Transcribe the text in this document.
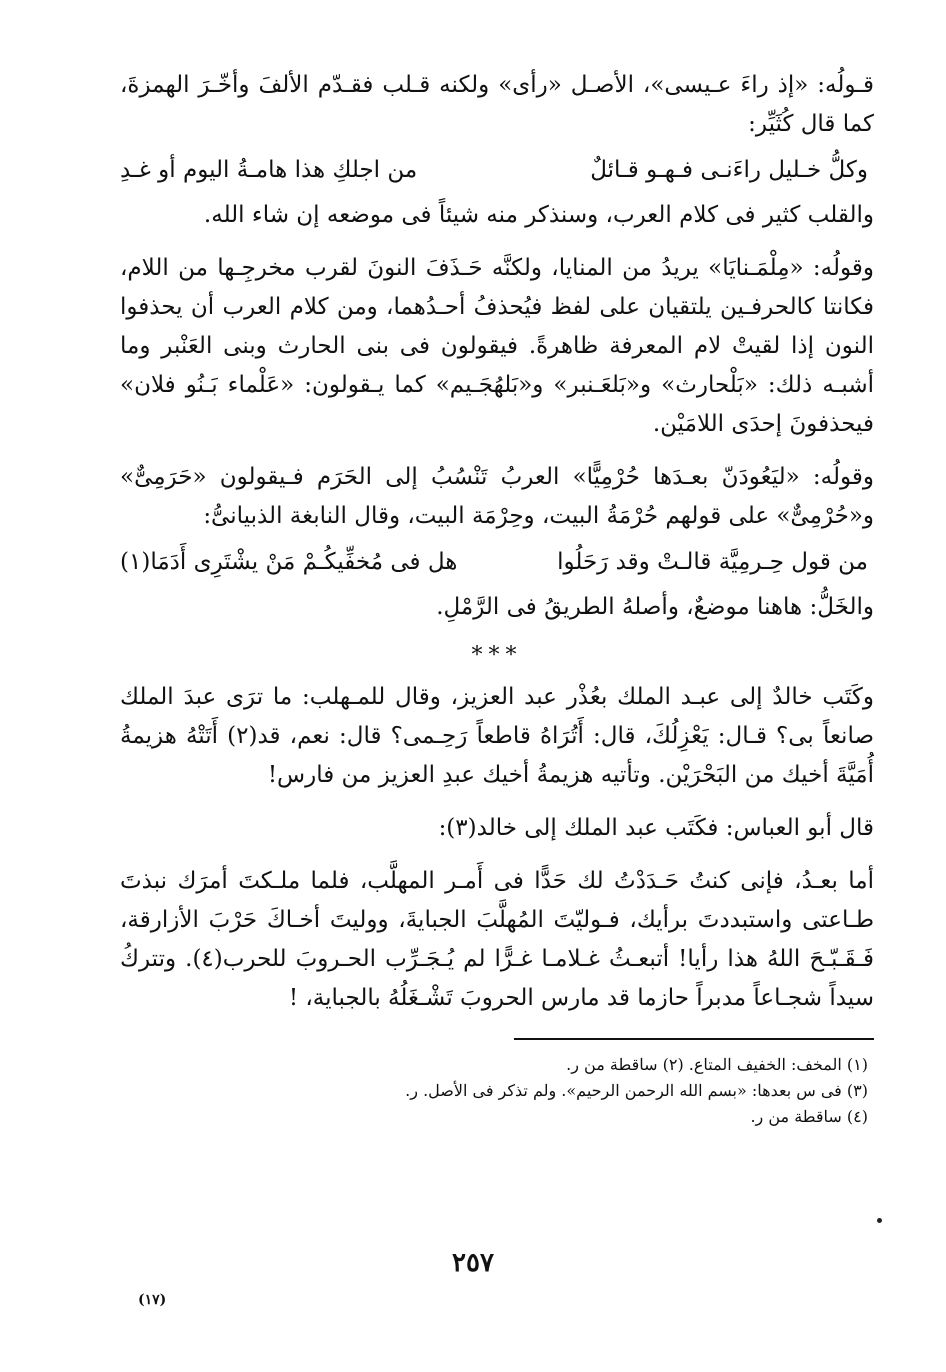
قـولُه: «إذ راءَ عـيسى»، الأصـل «رأى» ولكنه قـلب فقـدّم الألفَ وأخّـرَ الهمزةَ، كما قال كُثَيِّر:

وكلُّ خـليل راءَنـى فـهـو قـائلٌ
من اجلكِ هذا هامـةُ اليوم أو غـدِ

والقلب كثير فى كلام العرب، وسنذكر منه شيئاً فى موضعه إن شاء الله.

وقولُه: «مِلْمَـنايَا» يريدُ من المنايا، ولكنَّه حَـذَفَ النونَ لقرب مخرجِـها من اللام، فكانتا كالحرفـين يلتقيان على لفظ فيُحذفُ أحـدُهما، ومن كلام العرب أن يحذفوا النون إذا لقيتْ لام المعرفة ظاهرةً. فيقولون فى بنى الحارث وبنى العَنْبر وما أشبـه ذلك: «بَلْحارث» و«بَلعَـنبر» و«بَلهُجَـيم» كما يـقولون: «عَلْماء بَـنُو فلان» فيحذفونَ إحدَى اللامَيْن.

وقولُه: «ليَعُودَنّ بعـدَها حُرْمِيًّا» العربُ تَنْسُبُ إلى الحَرَم فـيقولون «حَرَمِىٌّ» و«حُرْمِىٌّ» على قولهم حُرْمَةُ البيت، وحِرْمَة البيت، وقال النابغة الذبيانىُّ:

من قول حِـرمِيَّة قالـتْ وقد رَحَلُوا
هل فى مُخفِّيكُـمْ مَنْ يشْتَرِى أَدَمَا(١)

والخَلُّ: هاهنا موضعٌ، وأصلهُ الطريقُ فى الرَّمْلِ.

***

وكَتَب خالدٌ إلى عبـد الملك بعُذْر عبد العزيز، وقال للمـهلب: ما ترَى عبدَ الملك صانعاً بى؟ قـال: يَعْزِلُكَ، قال: أَتُرَاهُ قاطعاً رَحِـمى؟ قال: نعم، قد(٢) أَتَتْهُ هزيمةُ أُمَيَّةَ أخيك من البَحْرَيْن. وتأتيه هزيمةُ أخيك عبدِ العزيز من فارس!

قال أبو العباس: فكَتَب عبد الملك إلى خالد(٣):

أما بعـدُ، فإنى كنتُ حَـدَدْتُ لك حَدًّا فى أَمـر المهلَّب، فلما ملـكتَ أمرَك نبذتَ طـاعتى واستبددتَ برأيك، فـوليّتَ المُهلَّبَ الجبايةَ، ووليتَ أخـاكَ حَرْبَ الأزارقة، فَـقَـبّـحَ اللهُ هذا رأيا! أتبعـثُ غـلامـا غـرًّا لم يُـجَـرِّب الحـروبَ للحرب(٤). وتتركُ سيداً شجـاعاً مدبراً حازما قد مارس الحروبَ تَشْـغَلُهُ بالجباية، !

(١) المخف: الخفيف المتاع. (٢) ساقطة من ر.

(٣) فى س بعدها: «بسم الله الرحمن الرحيم». ولم تذكر فى الأصل. ر.

(٤) ساقطة من ر.

٢٥٧
(١٧)
